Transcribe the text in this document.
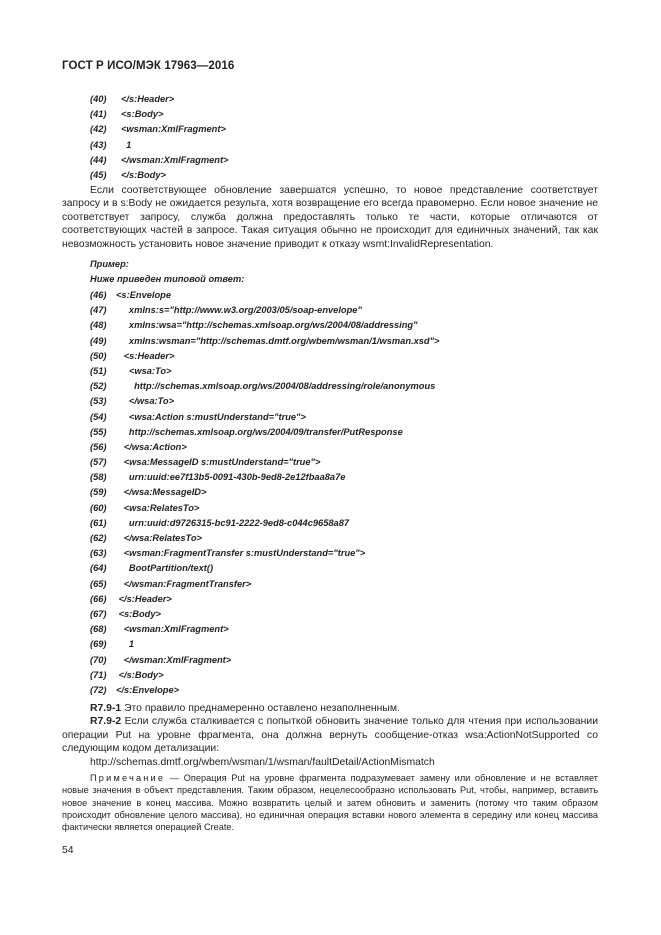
ГОСТ Р ИСО/МЭК 17963—2016
(40) </s:Header>
(41) <s:Body>
(42) <wsman:XmlFragment>
(43)  1
(44) </wsman:XmlFragment>
(45) </s:Body>

Если соответствующее обновление завершатся успешно, то новое представление соответствует запросу и в s:Body не ожидается результа, хотя возвращение его всегда правомерно. Если новое значение не соответствует запросу, служба должна предоставлять только те части, которые отличаются от соответствующих частей в запросе. Такая ситуация обычно не происходит для единичных значений, так как невозможность установить новое значение приводит к отказу wsmt:InvalidRepresentation.

Пример:
Ниже приведен типовой ответ:
(46) <s:Envelope
(47)     xmlns:s="http://www.w3.org/2003/05/soap-envelope"
(48)     xmlns:wsa="http://schemas.xmlsoap.org/ws/2004/08/addressing"
(49)     xmlns:wsman="http://schemas.dmtf.org/wbem/wsman/1/wsman.xsd">
(50)   <s:Header>
(51)     <wsa:To>
(52)       http://schemas.xmlsoap.org/ws/2004/08/addressing/role/anonymous
(53)     </wsa:To>
(54)     <wsa:Action s:mustUnderstand="true">
(55)     http://schemas.xmlsoap.org/ws/2004/09/transfer/PutResponse
(56)   </wsa:Action>
(57)   <wsa:MessageID s:mustUnderstand="true">
(58)     urn:uuid:ee7f13b5-0091-430b-9ed8-2e12fbaa8a7e
(59)   </wsa:MessageID>
(60)   <wsa:RelatesTo>
(61)     urn:uuid:d9726315-bc91-2222-9ed8-c044c9658a87
(62)   </wsa:RelatesTo>
(63)   <wsman:FragmentTransfer s:mustUnderstand="true">
(64)     BootPartition/text()
(65)   </wsman:FragmentTransfer>
(66) </s:Header>
(67) <s:Body>
(68)   <wsman:XmlFragment>
(69)     1
(70)   </wsman:XmlFragment>
(71) </s:Body>
(72) </s:Envelope>

R7.9-1 Это правило преднамеренно оставлено незаполненным.

R7.9-2 Если служба сталкивается с попыткой обновить значение только для чтения при использовании операции Put на уровне фрагмента, она должна вернуть сообщение-отказ wsa:ActionNotSupported со следующим кодом детализации:

http://schemas.dmtf.org/wbem/wsman/1/wsman/faultDetail/ActionMismatch

Примечание — Операция Put на уровне фрагмента подразумевает замену или обновление и не вставляет новые значения в объект представления. Таким образом, нецелесообразно использовать Put, чтобы, например, вставить новое значение в конец массива. Можно возвратить целый и затем обновить и заменить (потому что таким образом происходит обновление целого массива), но единичная операция вставки нового элемента в середину или конец массива фактически является операцией Create.

54
